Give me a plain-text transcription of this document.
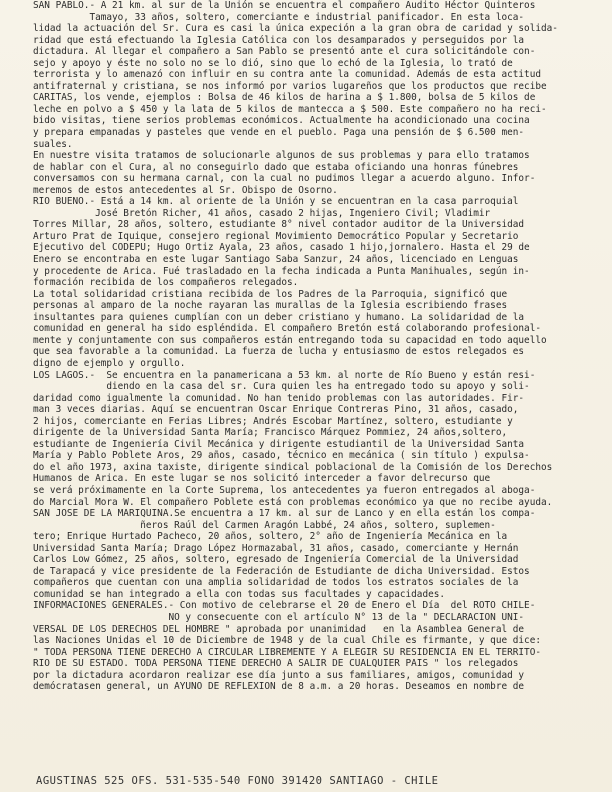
SAN PABLO.- A 21 km. al sur de la Unión se encuentra el compañero Audito Héctor Quinteros
Tamayo, 33 años, soltero, comerciante e industrial panificador. En esta loca-
lidad la actuación del Sr. Cura es casi la única expeción a la gran obra de caridad y solida-
ridad que está efectuando la Iglesia Católica con los desamparados y perseguidos por la
dictadura. Al llegar el compañero a San Pablo se presentó ante el cura solicitándole con-
sejo y apoyo y éste no solo no se lo dió, sino que lo echó de la Iglesia, lo trató de
terrorista y lo amenazó con influir en su contra ante la comunidad. Además de esta actitud
antifraternal y cristiana, se nos informó por varios lugareños que los productos que recibe
CARITAS, los vende, ejemplos : Bolsa de 46 kilos de harina a $ 1.800, bolsa de 5 kilos de
leche en polvo a $ 450 y la lata de 5 kilos de mantecca a $ 500. Este compañero no ha reci-
bido visitas, tiene serios problemas económicos. Actualmente ha acondicionado una cocina
y prepara empanadas y pasteles que vende en el pueblo. Paga una pensión de $ 6.500 men-
suales.
En nuestre visita tratamos de solucionarle algunos de sus problemas y para ello tratamos
de hablar con el Cura, al no conseguirlo dado que estaba oficiando una honras fúnebres
conversamos con su hermana carnal, con la cual no pudimos llegar a acuerdo alguno. Infor-
meremos de estos antecedentes al Sr. Obispo de Osorno.
RIO BUENO.- Está a 14 km. al oriente de la Unión y se encuentran en la casa parroquial
José Bretón Richer, 41 años, casado 2 hijas, Ingeniero Civil; Vladimir
Torres Millar, 28 años, soltero, estudiante 8° nivel contador auditor de la Universidad
Arturo Prat de Iquique, consejero regional Movimiento Democrático Popular y Secretario
Ejecutivo del CODEPU; Hugo Ortiz Ayala, 23 años, casado 1 hijo,jornalero. Hasta el 29 de
Enero se encontraba en este lugar Santiago Saba Sanzur, 24 años, licenciado en Lenguas
y procedente de Arica. Fué trasladado en la fecha indicada a Punta Manihuales, según in-
formación recibida de los compañeros relegados.
La total solidaridad cristiana recibida de los Padres de la Parroquia, significó que
personas al amparo de la noche rayaran las murallas de la Iglesia escribiendo frases
insultantes para quienes cumplían con un deber cristiano y humano. La solidaridad de la
comunidad en general ha sido espléndida. El compañero Bretón está colaborando profesional-
mente y conjuntamente con sus compañeros están entregando toda su capacidad en todo aquello
que sea favorable a la comunidad. La fuerza de lucha y entusiasmo de estos relegados es
digno de ejemplo y orgullo.
LOS LAGOS.-  Se encuentra en la panamericana a 53 km. al norte de Río Bueno y están resi-
diendo en la casa del sr. Cura quien les ha entregado todo su apoyo y soli-
daridad como igualmente la comunidad. No han tenido problemas con las autoridades. Fir-
man 3 veces diarias. Aquí se encuentran Oscar Enrique Contreras Pino, 31 años, casado,
2 hijos, comerciante en Ferias Libres; Andrés Escobar Martínez, soltero, estudiante y
dirigente de la Universidad Santa María; Francisco Márquez Pommiez, 24 años,soltero,
estudiante de Ingeniería Civil Mecánica y dirigente estudiantil de la Universidad Santa
María y Pablo Poblete Aros, 29 años, casado, técnico en mecánica ( sin título ) expulsa-
do el año 1973, axina taxiste, dirigente sindical poblacional de la Comisión de los Derechos
Humanos de Arica. En este lugar se nos solicitó interceder a favor delrecurso que
se verá próximamente en la Corte Suprema, los antecedentes ya fueron entregados al aboga-
do Marcial Mora W. El compañero Poblete está con problemas económico ya que no recibe ayuda.
SAN JOSE DE LA MARIQUINA.Se encuentra a 17 km. al sur de Lanco y en ella están los compa-
ñeros Raúl del Carmen Aragón Labbé, 24 años, soltero, suplemen-
tero; Enrique Hurtado Pacheco, 20 años, soltero, 2° año de Ingeniería Mecánica en la
Universidad Santa María; Drago López Hormazabal, 31 años, casado, comerciante y Hernán
Carlos Low Gómez, 25 años, soltero, egresado de Ingeniería Comercial de la Universidad
de Tarapacá y vice presidente de la Federación de Estudiante de dicha Universidad. Estos
compañeros que cuentan con una amplia solidaridad de todos los estratos sociales de la
comunidad se han integrado a ella con todas sus facultades y capacidades.
INFORMACIONES GENERALES.- Con motivo de celebrarse el 20 de Enero el Día  del ROTO CHILE-
NO y consecuente con el artículo N° 13 de la " DECLARACION UNI-
VERSAL DE LOS DERECHOS DEL HOMBRE " aprobada por unanimidad   en la Asamblea General de
las Naciones Unidas el 10 de Diciembre de 1948 y de la cual Chile es firmante, y que dice:
" TODA PERSONA TIENE DERECHO A CIRCULAR LIBREMENTE Y A ELEGIR SU RESIDENCIA EN EL TERRITO-
RIO DE SU ESTADO. TODA PERSONA TIENE DERECHO A SALIR DE CUALQUIER PAIS " los relegados
por la dictadura acordaron realizar ese día junto a sus familiares, amigos, comunidad y
demócratasen general, un AYUNO DE REFLEXION de 8 a.m. a 20 horas. Deseamos en nombre de
AGUSTINAS 525 OFS. 531-535-540 FONO 391420 SANTIAGO - CHILE
